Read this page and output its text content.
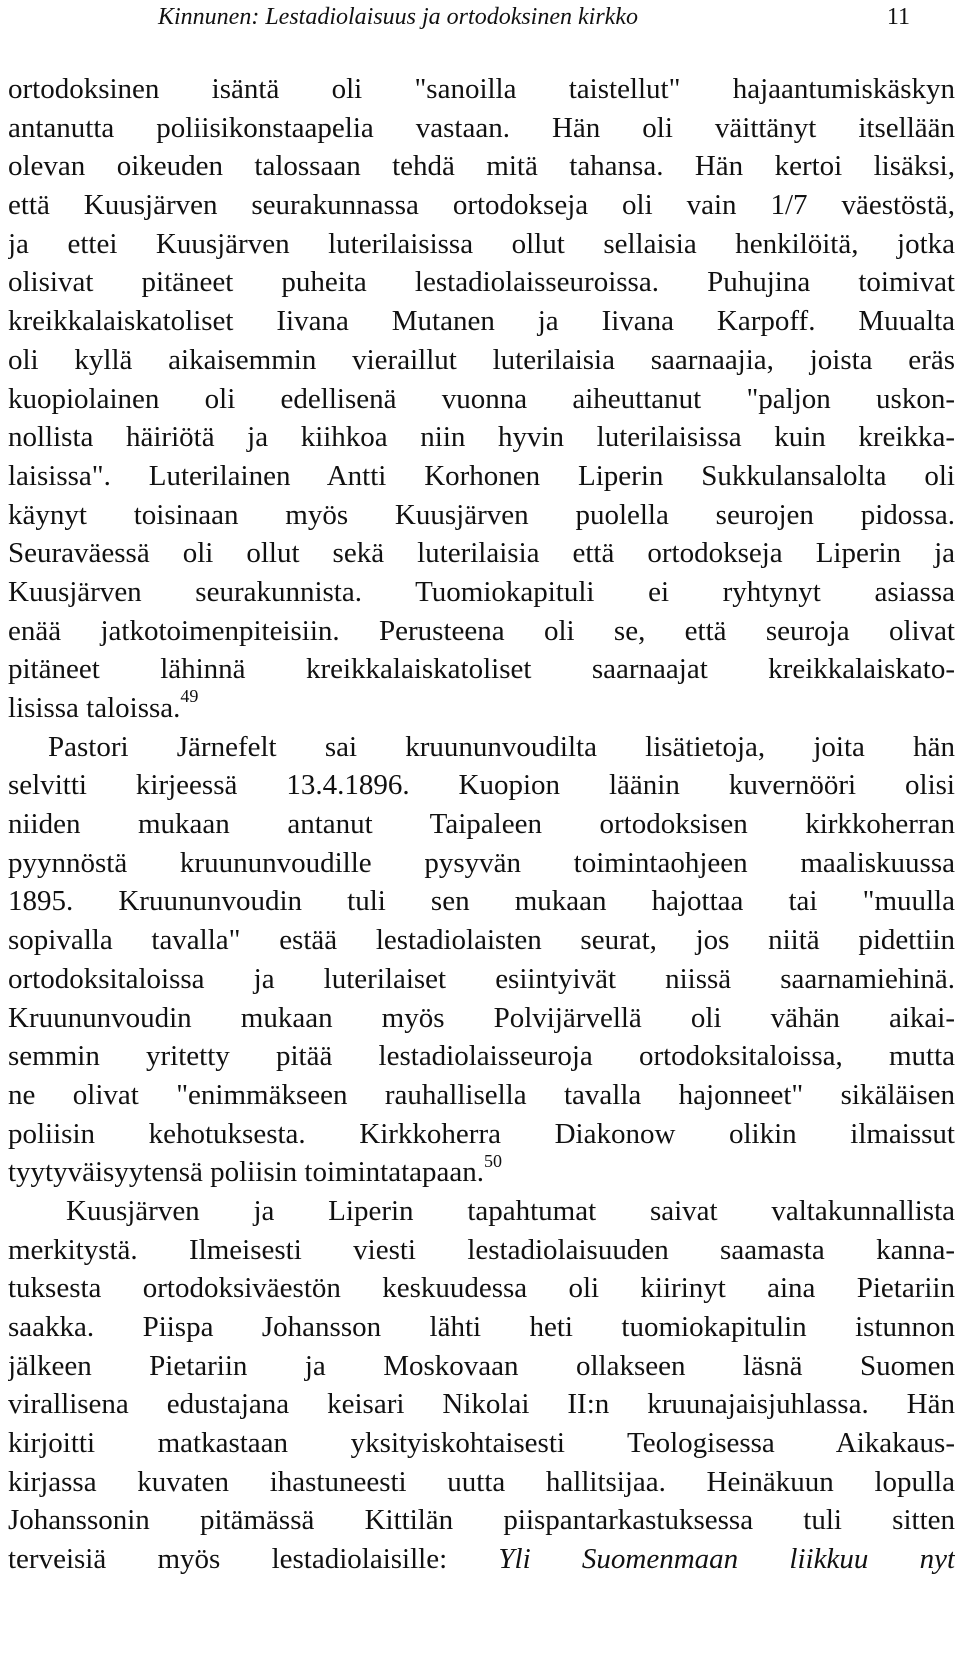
Kinnunen: Lestadiolaisuus ja ortodoksinen kirkko	11
ortodoksinen isäntä oli "sanoilla taistellut" hajaantumiskäskyn
antanutta poliisikonstaapelia vastaan. Hän oli väittänyt itsellään
olevan oikeuden talossaan tehdä mitä tahansa. Hän kertoi lisäksi,
että Kuusjärven seurakunnassa ortodokseja oli vain 1/7 väestöstä,
ja ettei Kuusjärven luterilaisissa ollut sellaisia henkilöitä, jotka
olisivat pitäneet puheita lestadiolaisseuroissa. Puhujina toimivat
kreikkalaiskatoliset Iivana Mutanen ja Iivana Karpoff. Muualta
oli kyllä aikaisemmin vieraillut luterilaisia saarnaajia, joista eräs
kuopiolainen oli edellisenä vuonna aiheuttanut "paljon uskon-
nollista häiriötä ja kiihkoa niin hyvin luterilaisissa kuin kreikka-
laisissa". Luterilainen Antti Korhonen Liperin Sukkulansalolta oli
käynyt toisinaan myös Kuusjärven puolella seurojen pidossa.
Seuraväessä oli ollut sekä luterilaisia että ortodokseja Liperin ja
Kuusjärven seurakunnista. Tuomiokapituli ei ryhtynyt asiassa
enää jatkotoimenpiteisiin. Perusteena oli se, että seuroja olivat
pitäneet lähinnä kreikkalaiskatoliset saarnaajat kreikkalaiskato-
lisissa taloissa.$^{49}$
Pastori Järnefelt sai kruununvoudilta lisätietoja, joita hän
selvitti kirjeessä 13.4.1896. Kuopion läänin kuvernööri olisi
niiden mukaan antanut Taipaleen ortodoksisen kirkkoherran
pyynnöstä kruununvoudille pysyvän toimintaohjeen maaliskuussa
1895. Kruununvoudin tuli sen mukaan hajottaa tai "muulla
sopivalla tavalla" estää lestadiolaisten seurat, jos niitä pidettiin
ortodoksitaloissa ja luterilaiset esiintyivät niissä saarnamiehinä.
Kruununvoudin mukaan myös Polvijärvellä oli vähän aikai-
semmin yritetty pitää lestadiolaisseuroja ortodoksitaloissa, mutta
ne olivat "enimmäkseen rauhallisella tavalla hajonneet" sikäläisen
poliisin kehotuksesta. Kirkkoherra Diakonow olikin ilmaissut
tyytyväisyytensä poliisin toimintatapaan.$^{50}$
Kuusjärven ja Liperin tapahtumat saivat valtakunnallista
merkitystä. Ilmeisesti viesti lestadiolaisuuden saamasta kanna-
tuksesta ortodoksiväestön keskuudessa oli kiirinyt aina Pietariin
saakka. Piispa Johansson lähti heti tuomiokapitulin istunnon
jälkeen Pietariin ja Moskovaan ollakseen läsnä Suomen
virallisena edustajana keisari Nikolai II:n kruunajaisjuhlassa. Hän
kirjoitti matkastaan yksityiskohtaisesti Teologisessa Aikakaus-
kirjassa kuvaten ihastuneesti uutta hallitsijaa. Heinäkuun lopulla
Johanssonin pitämässä Kittilän piispantarkastuksessa tuli sitten
terveisiä myös lestadiolaisille: Yli Suomenmaan liikkuu nyt
